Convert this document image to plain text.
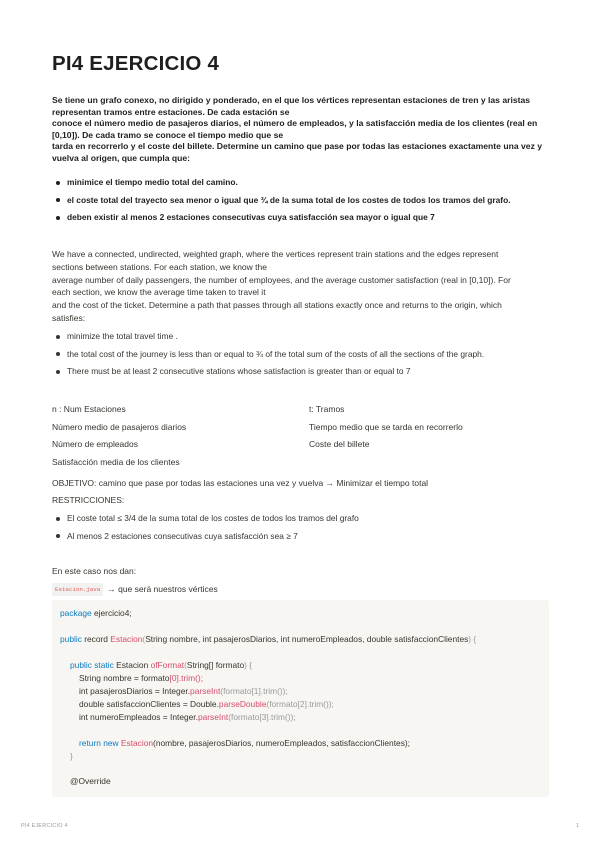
PI4 EJERCICIO 4

Se tiene un grafo conexo, no dirigido y ponderado, en el que los vértices representan estaciones de tren y las aristas

representan tramos entre estaciones. De cada estación se

conoce el número medio de pasajeros diarios, el número de empleados, y la satisfacción media de los clientes (real en

[0,10]). De cada tramo se conoce el tiempo medio que se

tarda en recorrerlo y el coste del billete. Determine un camino que pase por todas las estaciones exactamente una vez y

vuelva al origen, que cumpla que:

minimice el tiempo medio total del camino.
el coste total del trayecto sea menor o igual que ¾ de la suma total de los costes de todos los tramos del grafo.
deben existir al menos 2 estaciones consecutivas cuya satisfacción sea mayor o igual que 7

We have a connected, undirected, weighted graph, where the vertices represent train stations and the edges represent

sections between stations. For each station, we know the

average number of daily passengers, the number of employees, and the average customer satisfaction (real in [0,10]). For

each section, we know the average time taken to travel it

and the cost of the ticket. Determine a path that passes through all stations exactly once and returns to the origin, which

satisfies:

minimize the total travel time .
the total cost of the journey is less than or equal to ¾ of the total sum of the costs of all the sections of the graph.
There must be at least 2 consecutive stations whose satisfaction is greater than or equal to 7
n : Num Estaciones	t: Tramos
Número medio de pasajeros diarios	Tiempo medio que se tarda en recorrerlo
Número de empleados	Coste del billete
Satisfacción media de los clientes
OBJETIVO: camino que pase por todas las estaciones una vez y vuelva → Minimizar el tiempo total
RESTRICCIONES:
El coste total ≤ 3/4 de la suma total de los costes de todos los tramos del grafo
Al menos 2 estaciones consecutivas cuya satisfacción sea ≥ 7
En este caso nos dan:
Estacion.java → que será nuestros vértices
package ejercicio4;
public record Estacion(String nombre, int pasajerosDiarios, int numeroEmpleados, double satisfaccionClientes) {
public static Estacion ofFormat(String[] formato) {
String nombre = formato[0].trim();
int pasajerosDiarios = Integer.parseInt(formato[1].trim());
double satisfaccionClientes = Double.parseDouble(formato[2].trim());
int numeroEmpleados = Integer.parseInt(formato[3].trim());
return new Estacion(nombre, pasajerosDiarios, numeroEmpleados, satisfaccionClientes);
}
@Override
PI4 EJERCICIO 4	1
